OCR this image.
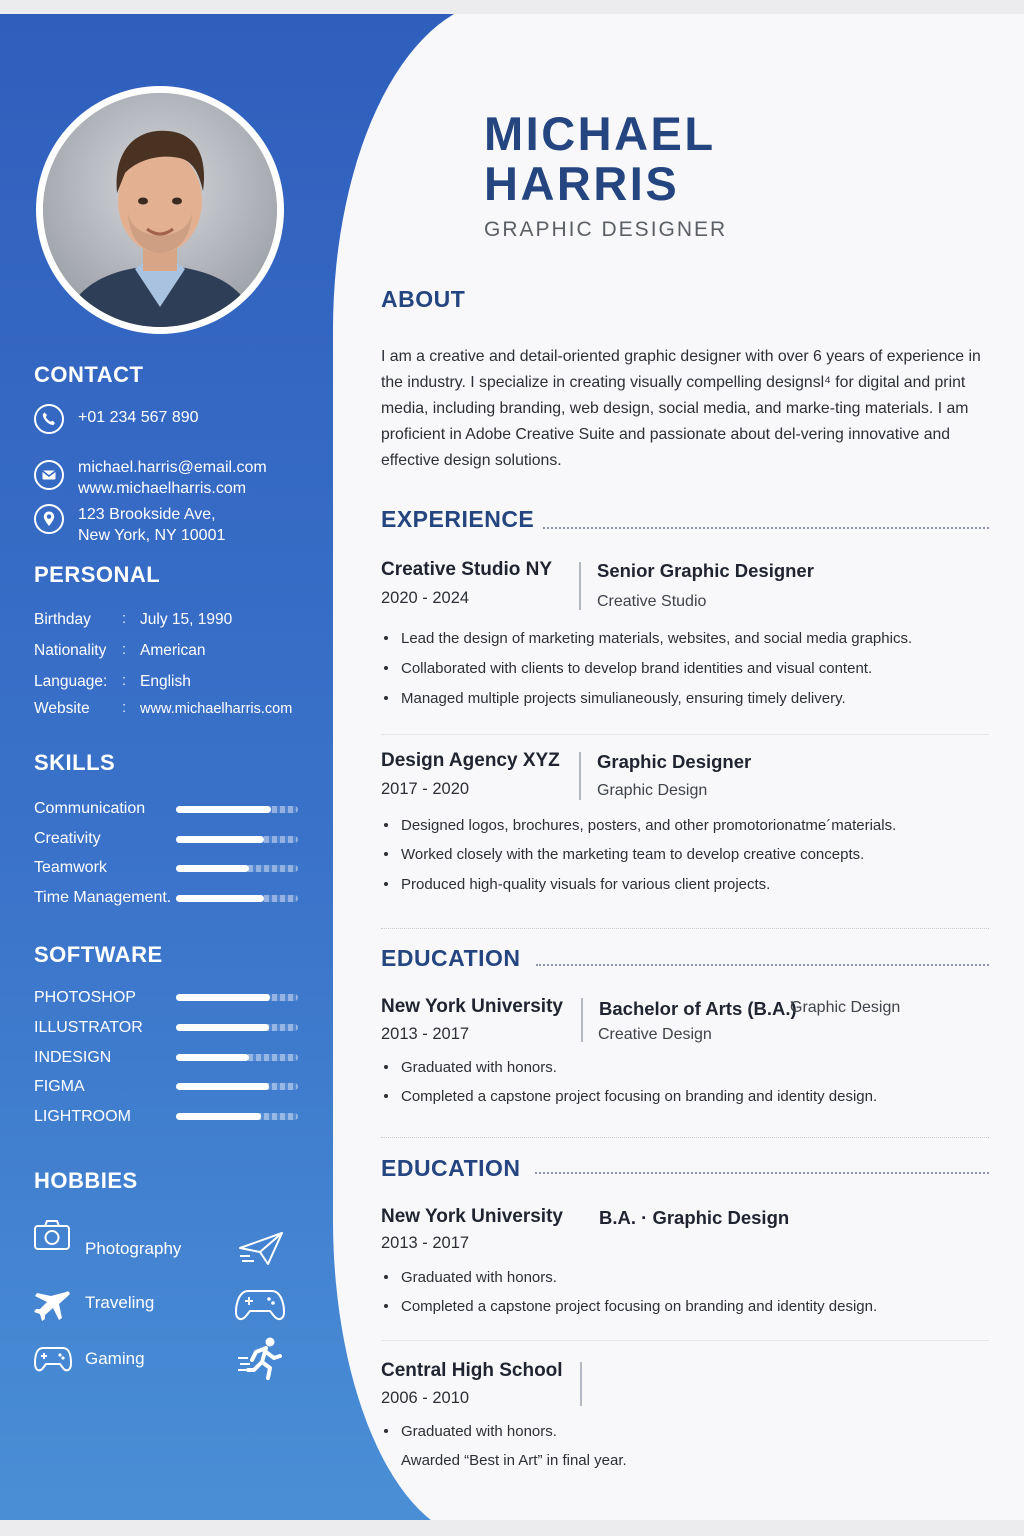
CONTACT
+01 234 567 890
michael.harris@email.com
www.michaelharris.com
123 Brookside Ave,
New York, NY 10001
PERSONAL
Birthday : July 15, 1990
Nationality : American
Language: : English
Website : www.michaelharris.com
SKILLS
Communication
Creativity
Teamwork
Time Management.
SOFTWARE
PHOTOSHOP
ILLUSTRATOR
INDESIGN
FIGMA
LIGHTROOM
HOBBIES
Photography
Traveling
Gaming
MICHAEL
HARRIS
GRAPHIC DESIGNER
ABOUT
I am a creative and detail-oriented graphic designer with over 6 years of experience in the industry. I specialize in creating visually compelling designsl⁴ for digital and print media, including branding, web design, social media, and marke-ting materials. I am proficient in Adobe Creative Suite and passionate about del-vering innovative and effective design solutions.
EXPERIENCE
Creative Studio NY
2020 - 2024
Senior Graphic Designer
Creative Studio
Lead the design of marketing materials, websites, and social media graphics.
Collaborated with clients to develop brand identities and visual content.
Managed multiple projects simulianeously, ensuring timely delivery.
Design Agency XYZ
2017 - 2020
Graphic Designer
Graphic Design
Designed logos, brochures, posters, and other promotorionatme´materials.
Worked closely with the marketing team to develop creative concepts.
Produced high-quality visuals for various client projects.
EDUCATION
New York University
2013 - 2017
Bachelor of Arts (B.A.)
Graphic Design
Creative Design
Graduated with honors.
Completed a capstone project focusing on branding and identity design.
EDUCATION
New York University
2013 - 2017
B.A. · Graphic Design
Graduated with honors.
Completed a capstone project focusing on branding and identity design.
Central High School
2006 - 2010
Graduated with honors.
Awarded “Best in Art” in final year.
